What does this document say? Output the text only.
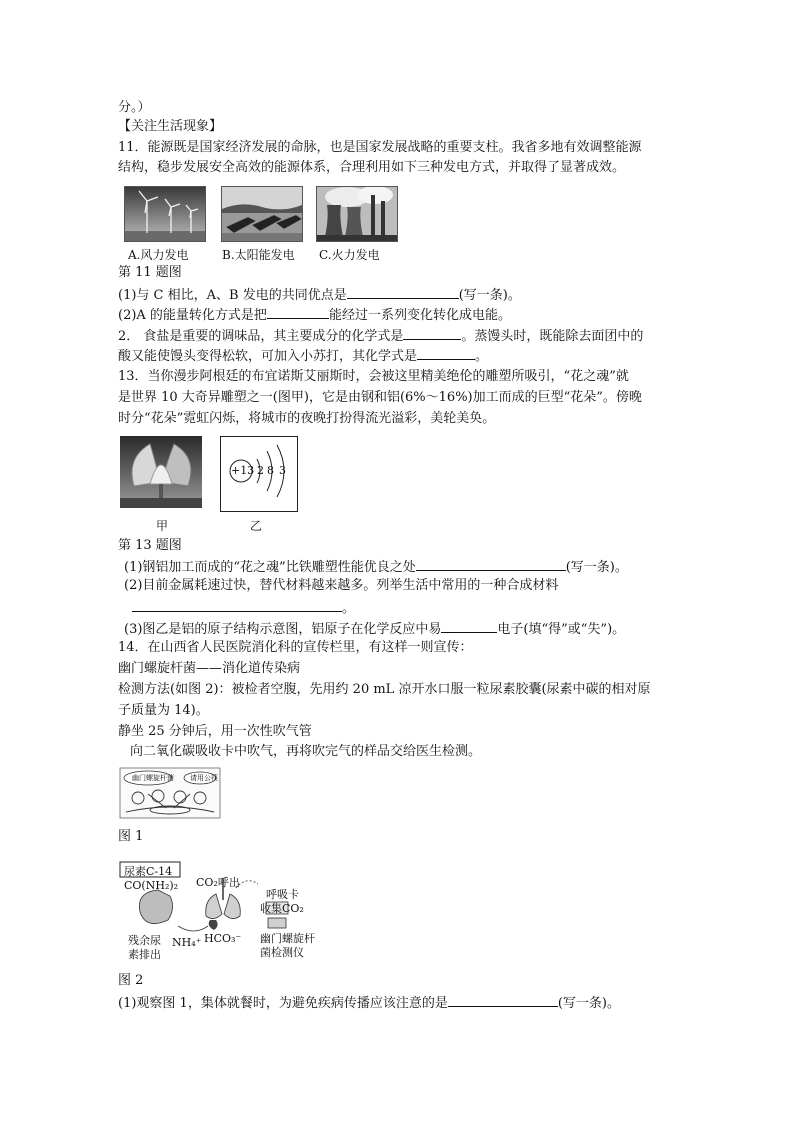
分。）
【关注生活现象】
11．能源既是国家经济发展的命脉，也是国家发展战略的重要支柱。我省多地有效调整能源
结构，稳步发展安全高效的能源体系，合理利用如下三种发电方式，并取得了显著成效。
A.风力发电	B.太阳能发电 C.火力发电
第 11 题图
(1)与 C 相比，A、B 发电的共同优点是	(写一条)。
(2)A 的能量转化方式是把	能经过一系列变化转化成电能。
2． 食盐是重要的调味品，其主要成分的化学式是	。蒸馒头时，既能除去面团中的
酸又能使馒头变得松软，可加入小苏打，其化学式是	。
13．当你漫步阿根廷的布宜诺斯艾丽斯时，会被这里精美绝伦的雕塑所吸引，“花之魂”就
是世界 10 大奇异雕塑之一(图甲)，它是由钢和铝(6%～16%)加工而成的巨型“花朵”。傍晚
时分“花朵”霓虹闪烁，将城市的夜晚打扮得流光溢彩，美轮美奂。
+13 2 8 3
甲	乙
第 13 题图
(1)钢铝加工而成的“花之魂”比铁雕塑性能优良之处	(写一条)。
(2)目前金属耗速过快，替代材料越来越多。列举生活中常用的一种合成材料
。
(3)图乙是铝的原子结构示意图，铝原子在化学反应中易	电子(填“得”或“失”)。
14．在山西省人民医院消化科的宣传栏里，有这样一则宣传：
幽门螺旋杆菌——消化道传染病
检测方法(如图 2)：被检者空腹，先用约 20 mL 凉开水口服一粒尿素胶囊(尿素中碳的相对原
子质量为 14)。
静坐 25 分钟后，用一次性吹气管
向二氧化碳吸收卡中吹气，再将吹完气的样品交给医生检测。
幽门螺旋杆菌 请用公筷
图 1
尿素C-14
CO(NH₂)₂ CO₂呼出
呼吸卡
收集CO₂
残余尿
素排出
NH₄⁺ HCO₃⁻ 幽门螺旋杆
菌检测仪
图 2
(1)观察图 1，集体就餐时，为避免疾病传播应该注意的是	(写一条)。
